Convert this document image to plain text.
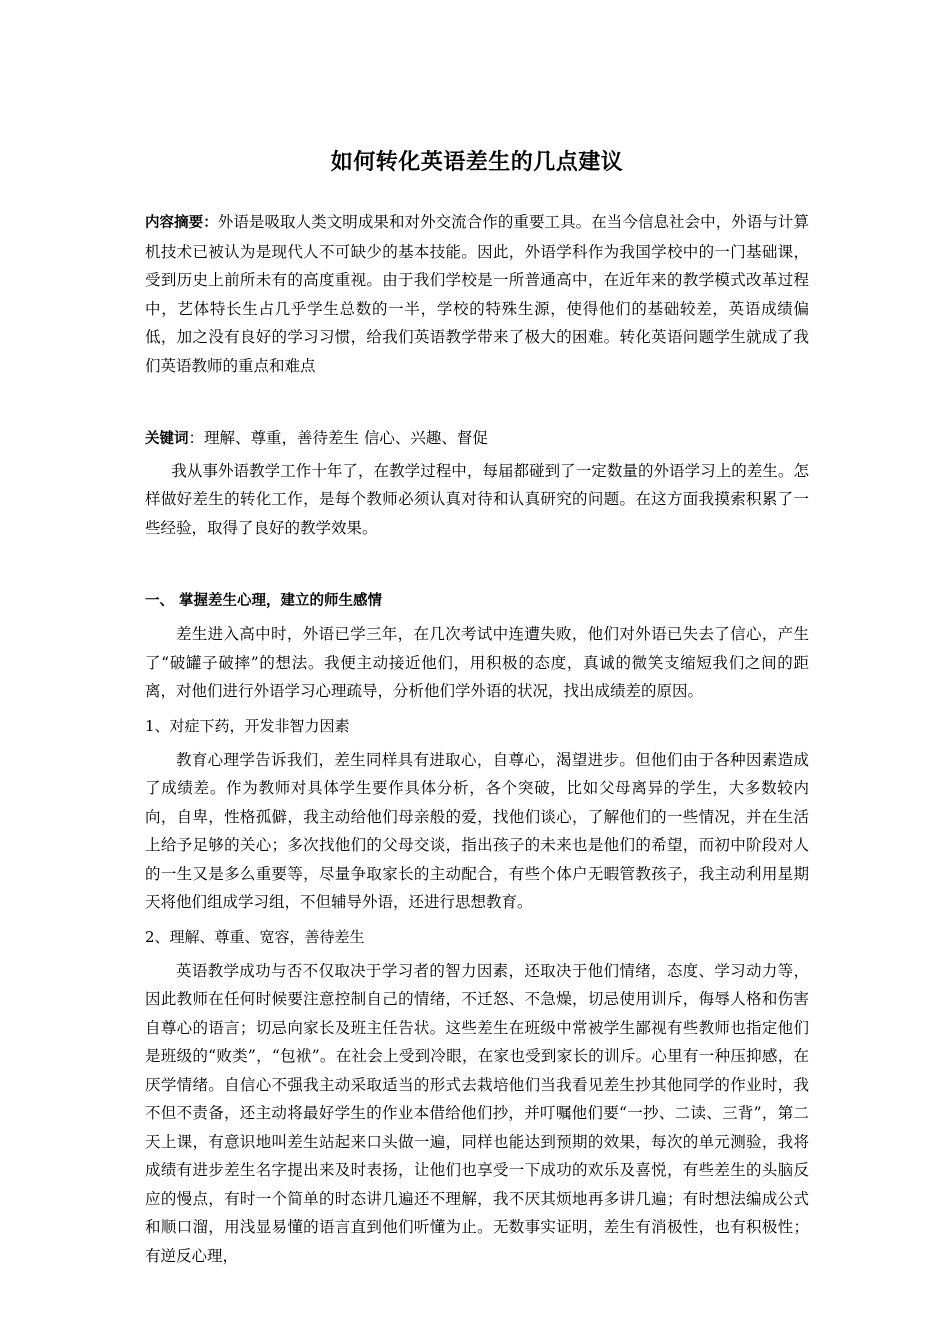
如何转化英语差生的几点建议

内容摘要：外语是吸取人类文明成果和对外交流合作的重要工具。在当今信息社会中，外语与计算机技术已被认为是现代人不可缺少的基本技能。因此，外语学科作为我国学校中的一门基础课，受到历史上前所未有的高度重视。由于我们学校是一所普通高中，在近年来的教学模式改革过程中，艺体特长生占几乎学生总数的一半，学校的特殊生源，使得他们的基础较差，英语成绩偏低，加之没有良好的学习习惯，给我们英语教学带来了极大的困难。转化英语问题学生就成了我们英语教师的重点和难点

关键词：理解、尊重，善待差生 信心、兴趣、督促

我从事外语教学工作十年了，在教学过程中，每届都碰到了一定数量的外语学习上的差生。怎样做好差生的转化工作，是每个教师必须认真对待和认真研究的问题。在这方面我摸索积累了一些经验，取得了良好的教学效果。

一、 掌握差生心理，建立的师生感情

差生进入高中时，外语已学三年，在几次考试中连遭失败，他们对外语已失去了信心，产生了“破罐子破摔”的想法。我便主动接近他们，用积极的态度，真诚的微笑支缩短我们之间的距离，对他们进行外语学习心理疏导，分析他们学外语的状况，找出成绩差的原因。

1、对症下药，开发非智力因素

教育心理学告诉我们，差生同样具有进取心，自尊心，渴望进步。但他们由于各种因素造成了成绩差。作为教师对具体学生要作具体分析，各个突破，比如父母离异的学生，大多数较内向，自卑，性格孤僻，我主动给他们母亲般的爱，找他们谈心，了解他们的一些情况，并在生活上给予足够的关心；多次找他们的父母交谈，指出孩子的未来也是他们的希望，而初中阶段对人的一生又是多么重要等，尽量争取家长的主动配合，有些个体户无暇管教孩子，我主动利用星期天将他们组成学习组，不但辅导外语，还进行思想教育。

2、理解、尊重、宽容，善待差生

英语教学成功与否不仅取决于学习者的智力因素，还取决于他们情绪，态度、学习动力等，因此教师在任何时候要注意控制自己的情绪，不迁怒、不急燥，切忌使用训斥，侮辱人格和伤害自尊心的语言；切忌向家长及班主任告状。这些差生在班级中常被学生鄙视有些教师也指定他们是班级的“败类”，“包袱”。在社会上受到冷眼，在家也受到家长的训斥。心里有一种压抑感，在厌学情绪。自信心不强我主动采取适当的形式去栽培他们当我看见差生抄其他同学的作业时，我不但不责备，还主动将最好学生的作业本借给他们抄，并叮嘱他们要“一抄、二读、三背”，第二天上课，有意识地叫差生站起来口头做一遍，同样也能达到预期的效果，每次的单元测验，我将成绩有进步差生名字提出来及时表扬，让他们也享受一下成功的欢乐及喜悦，有些差生的头脑反应的慢点，有时一个简单的时态讲几遍还不理解，我不厌其烦地再多讲几遍；有时想法编成公式和顺口溜，用浅显易懂的语言直到他们听懂为止。无数事实证明，差生有消极性，也有积极性；有逆反心理，
